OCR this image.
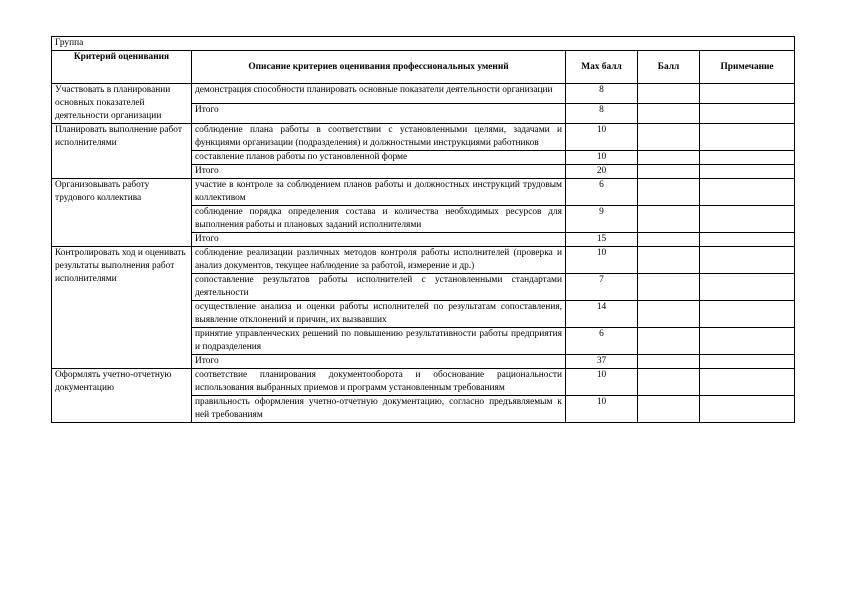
Группа				
Критерий оценивания	Описание критериев оценивания профессиональных умений	Max балл	Балл	Примечание
Участвовать в планировании основных показателей деятельности организации	демонстрация способности планировать основные показатели деятельности организации	8		
	Итого	8		
Планировать выполнение работ исполнителями	соблюдение плана работы в соответствии с установленными целями, задачами и функциями организации (подразделения) и должностными инструкциями работников	10		
	составление планов работы по установленной форме	10		
	Итого	20		
Организовывать работу трудового коллектива	участие в контроле за соблюдением планов работы и должностных инструкций трудовым коллективом	6		
	соблюдение порядка определения состава и количества необходимых ресурсов для выполнения работы и плановых заданий исполнителями	9		
	Итого	15		
Контролировать ход и оценивать результаты выполнения работ исполнителями	соблюдение реализации различных методов контроля работы исполнителей (проверка и анализ документов, текущее наблюдение за работой, измерение и др.)	10		
	сопоставление результатов работы исполнителей с установленными стандартами деятельности	7		
	осуществление анализа и оценки работы исполнителей по результатам сопоставления, выявление отклонений и причин, их вызвавших	14		
	принятие управленческих решений по повышению результативности работы предприятия и подразделения	6		
	Итого	37		
Оформлять учетно-отчетную документацию	соответствие планирования документооборота и обоснование рациональности использования выбранных приемов и программ установленным требованиям	10		
	правильность оформления учетно-отчетную документацию, согласно предъявляемым к ней требованиям	10		
